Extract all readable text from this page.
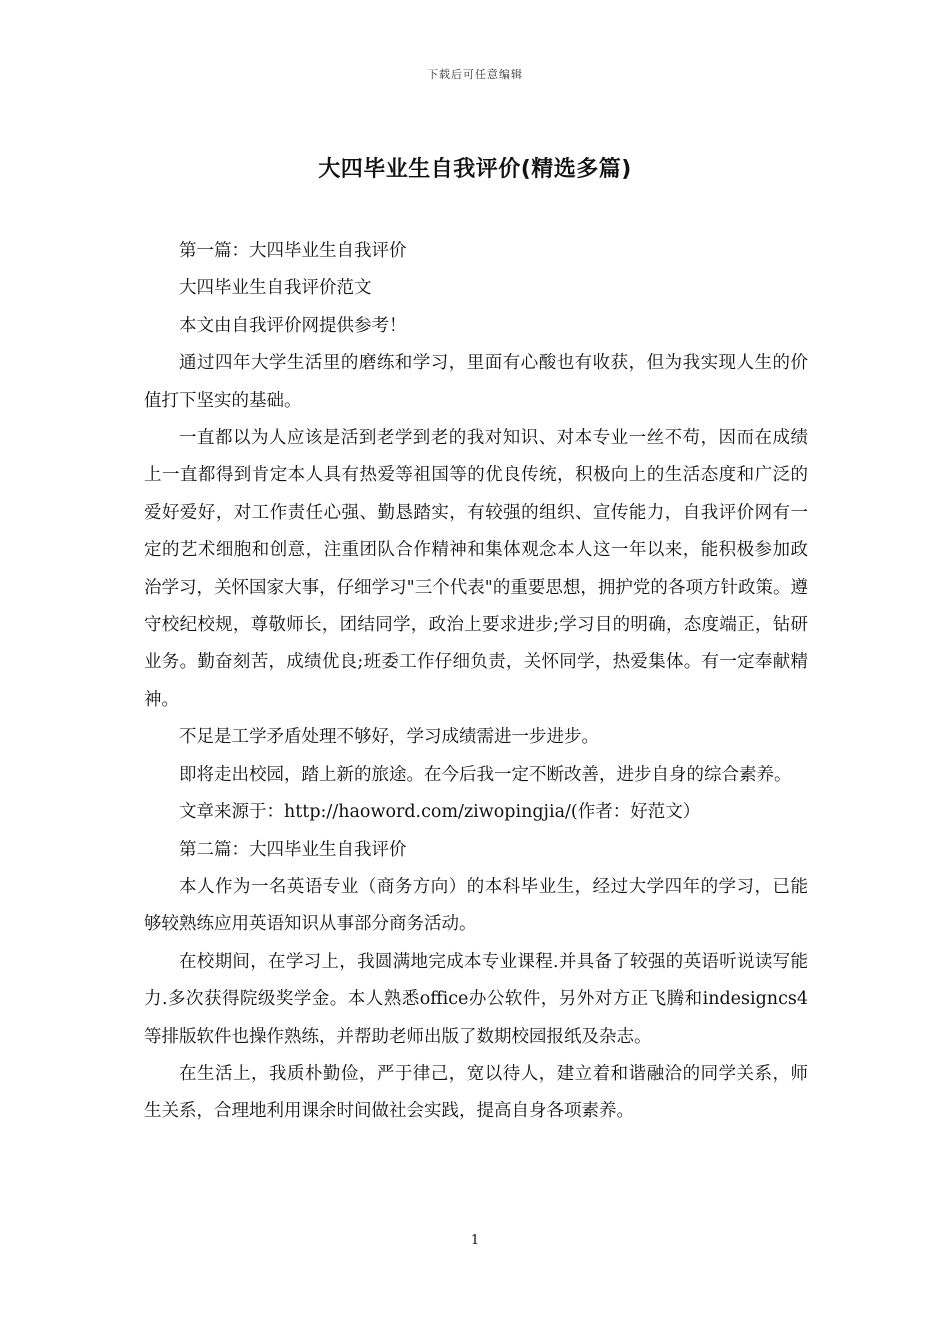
下载后可任意编辑
大四毕业生自我评价(精选多篇)

第一篇：大四毕业生自我评价

大四毕业生自我评价范文

本文由自我评价网提供参考！

通过四年大学生活里的磨练和学习，里面有心酸也有收获，但为我实现人生的价值打下坚实的基础。

一直都以为人应该是活到老学到老的我对知识、对本专业一丝不苟，因而在成绩上一直都得到肯定本人具有热爱等祖国等的优良传统，积极向上的生活态度和广泛的爱好爱好，对工作责任心强、勤恳踏实，有较强的组织、宣传能力，自我评价网有一定的艺术细胞和创意，注重团队合作精神和集体观念本人这一年以来，能积极参加政治学习，关怀国家大事，仔细学习"三个代表"的重要思想，拥护党的各项方针政策。遵守校纪校规，尊敬师长，团结同学，政治上要求进步;学习目的明确，态度端正，钻研业务。勤奋刻苦，成绩优良;班委工作仔细负责，关怀同学，热爱集体。有一定奉献精神。

不足是工学矛盾处理不够好，学习成绩需进一步进步。

即将走出校园，踏上新的旅途。在今后我一定不断改善，进步自身的综合素养。

文章来源于：http://haoword.com/ziwopingjia/(作者：好范文）

第二篇：大四毕业生自我评价

本人作为一名英语专业（商务方向）的本科毕业生，经过大学四年的学习，已能够较熟练应用英语知识从事部分商务活动。

在校期间，在学习上，我圆满地完成本专业课程.并具备了较强的英语听说读写能力.多次获得院级奖学金。本人熟悉office办公软件，另外对方正飞腾和indesigncs4等排版软件也操作熟练，并帮助老师出版了数期校园报纸及杂志。

在生活上，我质朴勤俭，严于律己，宽以待人，建立着和谐融洽的同学关系，师生关系，合理地利用课余时间做社会实践，提高自身各项素养。

1
